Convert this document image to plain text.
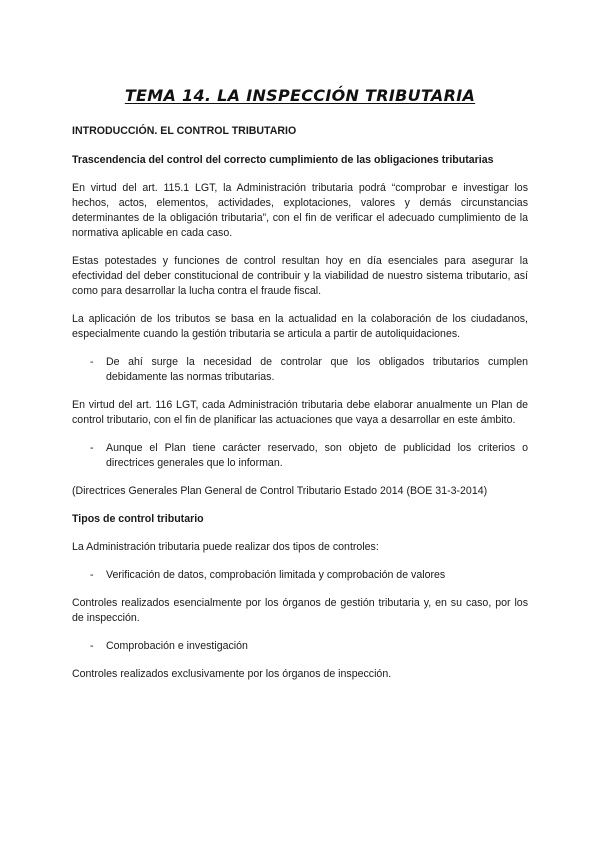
TEMA 14. LA INSPECCIÓN TRIBUTARIA
INTRODUCCIÓN. EL CONTROL TRIBUTARIO
Trascendencia del control del correcto cumplimiento de las obligaciones tributarias
En virtud del art. 115.1 LGT, la Administración tributaria podrá “comprobar e investigar los hechos, actos, elementos, actividades, explotaciones, valores y demás circunstancias determinantes de la obligación tributaria”, con el fin de verificar el adecuado cumplimiento de la normativa aplicable en cada caso.
Estas potestades y funciones de control resultan hoy en día esenciales para asegurar la efectividad del deber constitucional de contribuir y la viabilidad de nuestro sistema tributario, así como para desarrollar la lucha contra el fraude fiscal.
La aplicación de los tributos se basa en la actualidad en la colaboración de los ciudadanos, especialmente cuando la gestión tributaria se articula a partir de autoliquidaciones.
-	De ahí surge la necesidad de controlar que los obligados tributarios cumplen debidamente las normas tributarias.
En virtud del art. 116 LGT, cada Administración tributaria debe elaborar anualmente un Plan de control tributario, con el fin de planificar las actuaciones que vaya a desarrollar en este ámbito.
-	Aunque el Plan tiene carácter reservado, son objeto de publicidad los criterios o directrices generales que lo informan.
(Directrices Generales Plan General de Control Tributario Estado 2014 (BOE 31-3-2014)
Tipos de control tributario
La Administración tributaria puede realizar dos tipos de controles:
-	Verificación de datos, comprobación limitada y comprobación de valores
Controles realizados esencialmente por los órganos de gestión tributaria y, en su caso, por los de inspección.
-	Comprobación e investigación
Controles realizados exclusivamente por los órganos de inspección.
